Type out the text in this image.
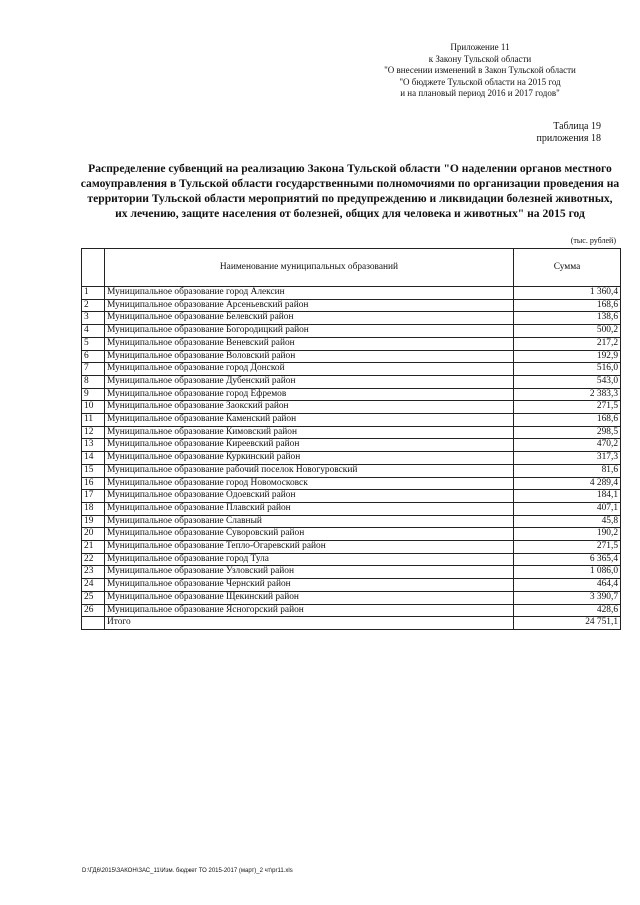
Приложение 11
к Закону Тульской области
"О внесении изменений в Закон Тульской области
"О бюджете Тульской области на 2015 год
и на плановый период 2016 и 2017 годов"
Таблица 19
приложения 18
Распределение субвенций на реализацию Закона Тульской области "О наделении органов местного самоуправления в Тульской области государственными полномочиями по организации проведения на территории Тульской области мероприятий по предупреждению и ликвидации болезней животных, их лечению, защите населения от болезней, общих для человека и животных" на 2015 год
(тыс. рублей)
	Наименование муниципальных образований	Сумма
1	Муниципальное образование город Алексин	1 360,4
2	Муниципальное образование Арсеньевский район	168,6
3	Муниципальное образование Белевский район	138,6
4	Муниципальное образование Богородицкий район	500,2
5	Муниципальное образование Веневский район	217,2
6	Муниципальное образование Воловский район	192,9
7	Муниципальное образование город Донской	516,0
8	Муниципальное образование Дубенский район	543,0
9	Муниципальное образование город Ефремов	2 383,3
10	Муниципальное образование Заокский район	271,5
11	Муниципальное образование Каменский район	168,6
12	Муниципальное образование Кимовский район	298,5
13	Муниципальное образование Киреевский район	470,2
14	Муниципальное образование Куркинский район	317,3
15	Муниципальное образование рабочий поселок Новогуровский	81,6
16	Муниципальное образование город Новомосковск	4 289,4
17	Муниципальное образование Одоевский район	184,1
18	Муниципальное образование Плавский район	407,1
19	Муниципальное образование Славный	45,8
20	Муниципальное образование Суворовский район	190,2
21	Муниципальное образование Тепло-Огаревский район	271,5
22	Муниципальное образование город Тула	6 365,4
23	Муниципальное образование Узловский район	1 086,0
24	Муниципальное образование Чернский район	464,4
25	Муниципальное образование Щекинский район	3 390,7
26	Муниципальное образование Ясногорский район	428,6
	Итого	24 751,1
D:\ГД6\2015\ЗАКОН\ЗАС_11\Изм. бюджет ТО 2015-2017 (март)_2 чт\pr11.xls
